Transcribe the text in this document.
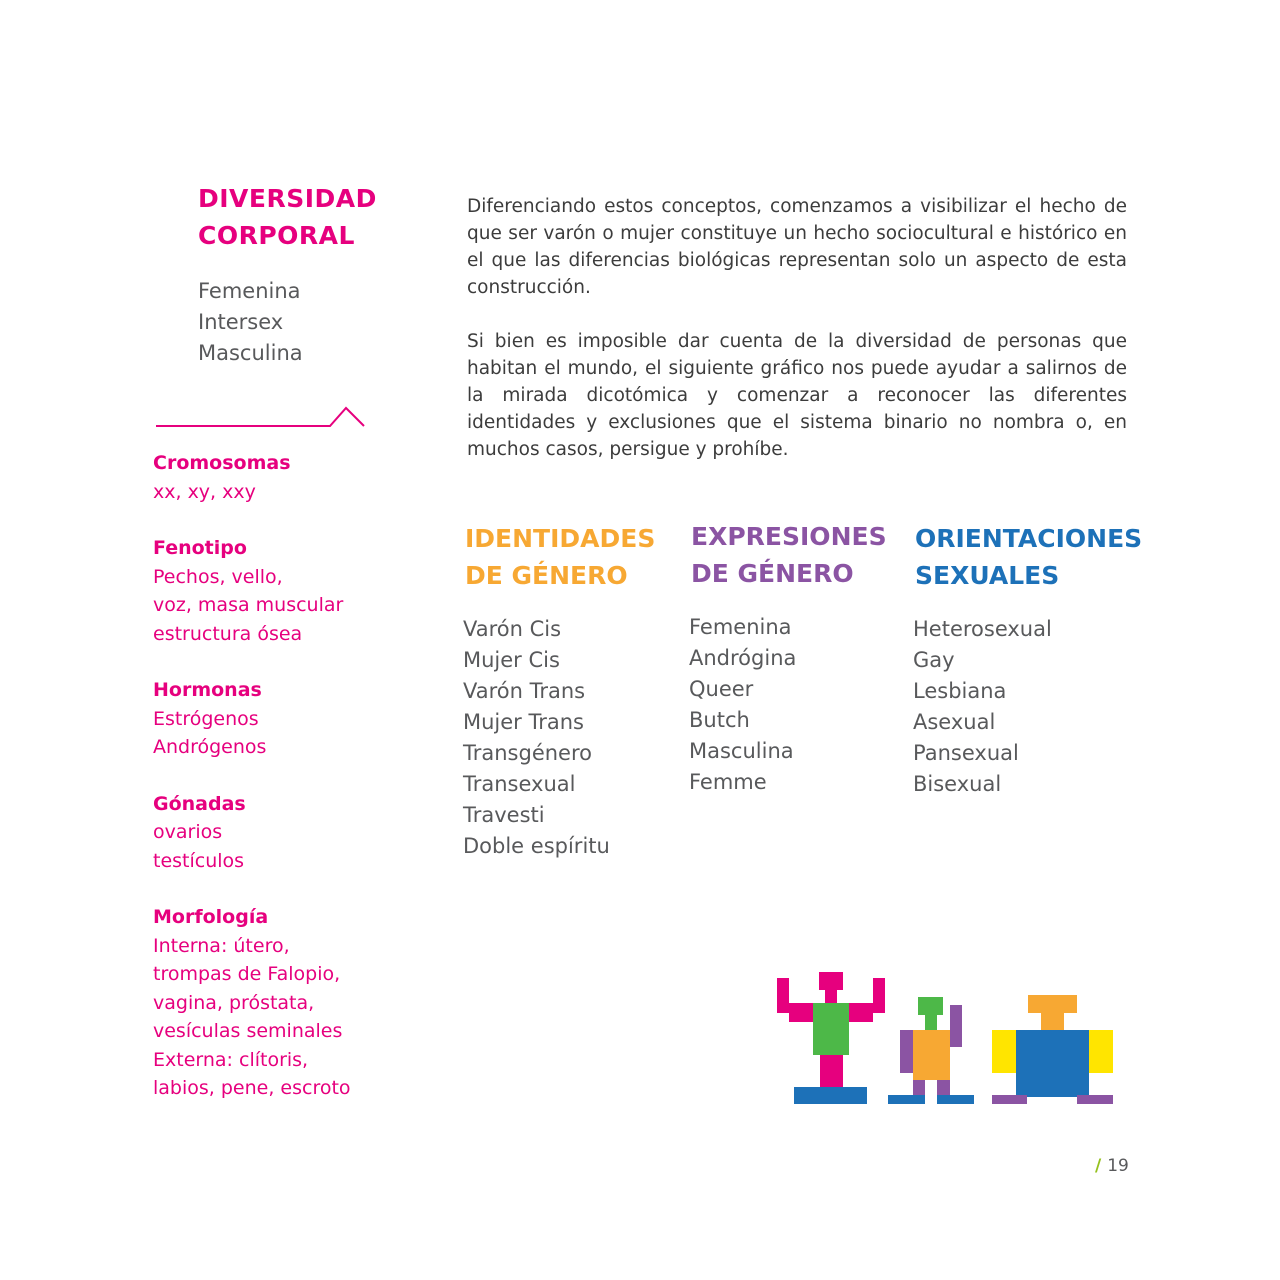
DIVERSIDAD
CORPORAL
Femenina
Intersex
Masculina
Cromosomas
xx, xy, xxy
Fenotipo
Pechos, vello,
voz, masa muscular
estructura ósea
Hormonas
Estrógenos
Andrógenos
Gónadas
ovarios
testículos
Morfología
Interna: útero,
trompas de Falopio,
vagina, próstata,
vesículas seminales
Externa: clítoris,
labios, pene, escroto
Diferenciando estos conceptos, comenzamos a visibilizar el hecho de que ser varón o mujer constituye un hecho sociocultural e histórico en el que las diferencias biológicas representan solo un aspecto de esta construcción.
Si bien es imposible dar cuenta de la diversidad de personas que habitan el mundo, el siguiente gráfico nos puede ayudar a salirnos de la mirada dicotómica y comenzar a reconocer las diferentes identidades y exclusiones que el sistema binario no nombra o, en muchos casos, persigue y prohíbe.
IDENTIDADES
DE GÉNERO
Varón Cis
Mujer Cis
Varón Trans
Mujer Trans
Transgénero
Transexual
Travesti
Doble espíritu
EXPRESIONES
DE GÉNERO
Femenina
Andrógina
Queer
Butch
Masculina
Femme
ORIENTACIONES
SEXUALES
Heterosexual
Gay
Lesbiana
Asexual
Pansexual
Bisexual
/ 19
